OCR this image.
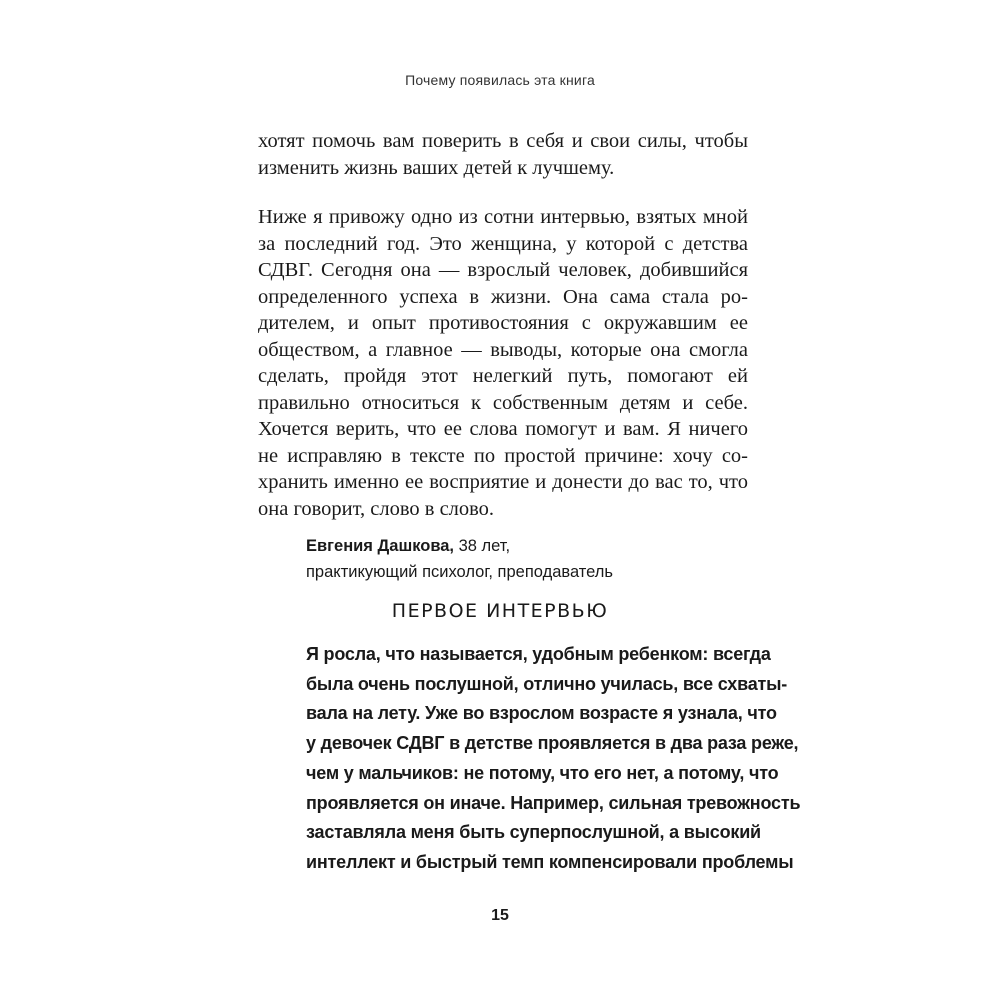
Почему появилась эта книга
хотят помочь вам поверить в себя и свои силы, чтобы
изменить жизнь ваших детей к лучшему.
Ниже я привожу одно из сотни интервью, взятых мной
за последний год. Это женщина, у которой с детства
СДВГ. Сегодня она — взрослый человек, добившийся
определенного успеха в жизни. Она сама стала ро-
дителем, и опыт противостояния с окружавшим ее
обществом, а главное — выводы, которые она смогла
сделать, пройдя этот нелегкий путь, помогают ей
правильно относиться к собственным детям и себе.
Хочется верить, что ее слова помогут и вам. Я ничего
не исправляю в тексте по простой причине: хочу со-
хранить именно ее восприятие и донести до вас то, что
она говорит, слово в слово.
Евгения Дашкова, 38 лет,
практикующий психолог, преподаватель
ПЕРВОЕ ИНТЕРВЬЮ
Я росла, что называется, удобным ребенком: всегда
была очень послушной, отлично училась, все схваты-
вала на лету. Уже во взрослом возрасте я узнала, что
у девочек СДВГ в детстве проявляется в два раза реже,
чем у мальчиков: не потому, что его нет, а потому, что
проявляется он иначе. Например, сильная тревожность
заставляла меня быть суперпослушной, а высокий
интеллект и быстрый темп компенсировали проблемы
15
